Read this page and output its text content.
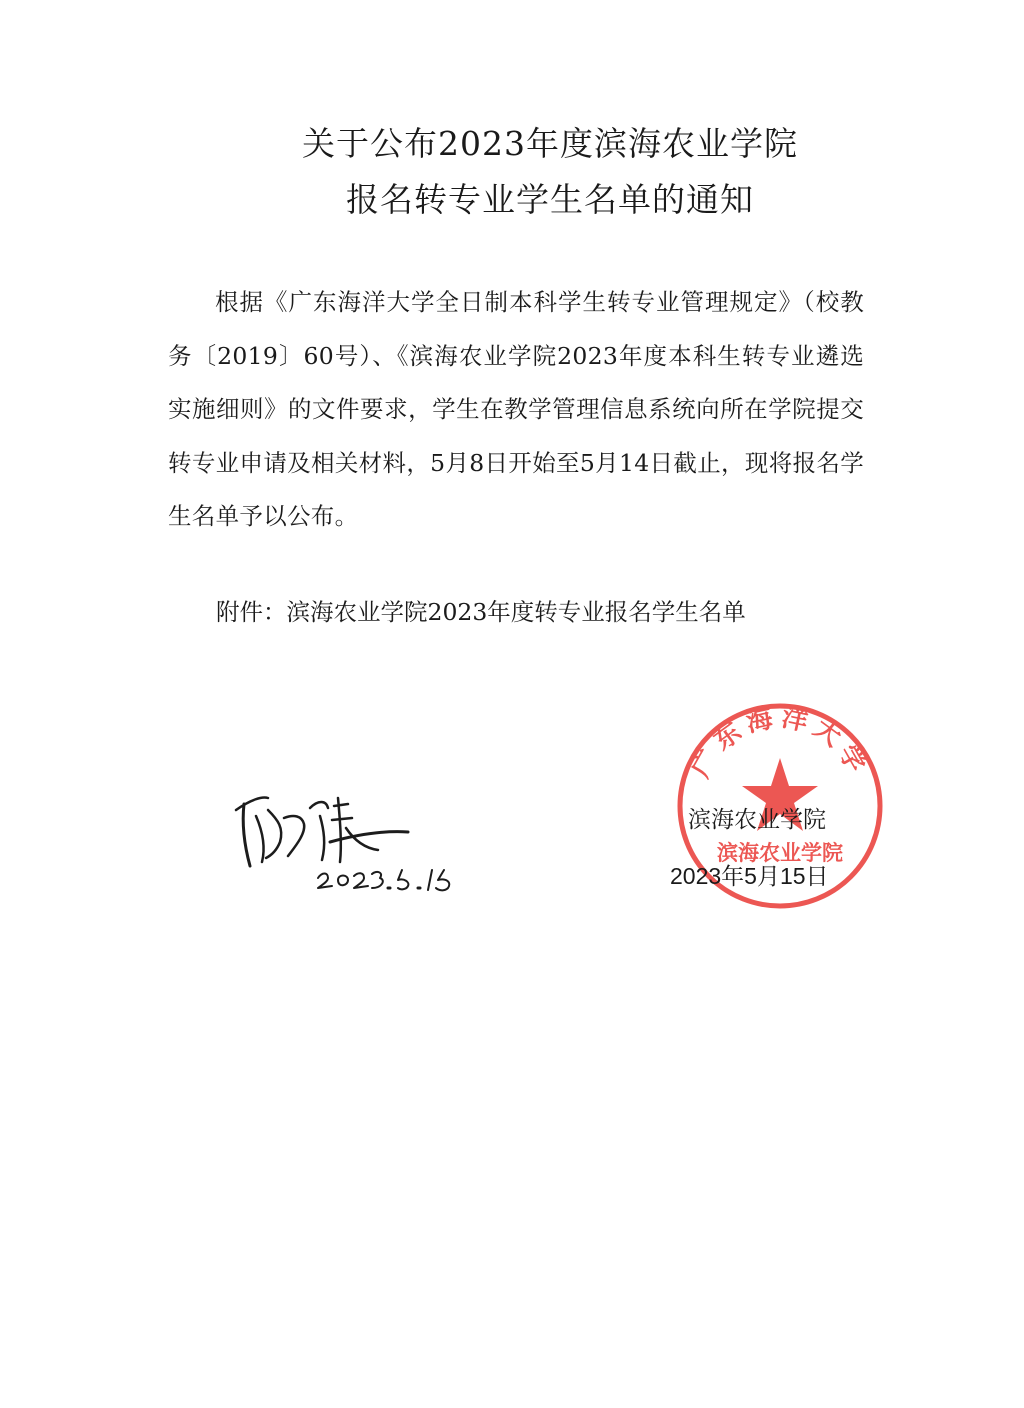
关于公布2023年度滨海农业学院
报名转专业学生名单的通知

根据《广东海洋大学全日制本科学生转专业管理规定》（校教务〔2019〕60号）、《滨海农业学院2023年度本科生转专业遴选实施细则》的文件要求，学生在教学管理信息系统向所在学院提交转专业申请及相关材料，5月8日开始至5月14日截止，现将报名学生名单予以公布。

附件：滨海农业学院2023年度转专业报名学生名单

广东海洋大学
滨海农业学院
滨海农业学院
2023年5月15日
